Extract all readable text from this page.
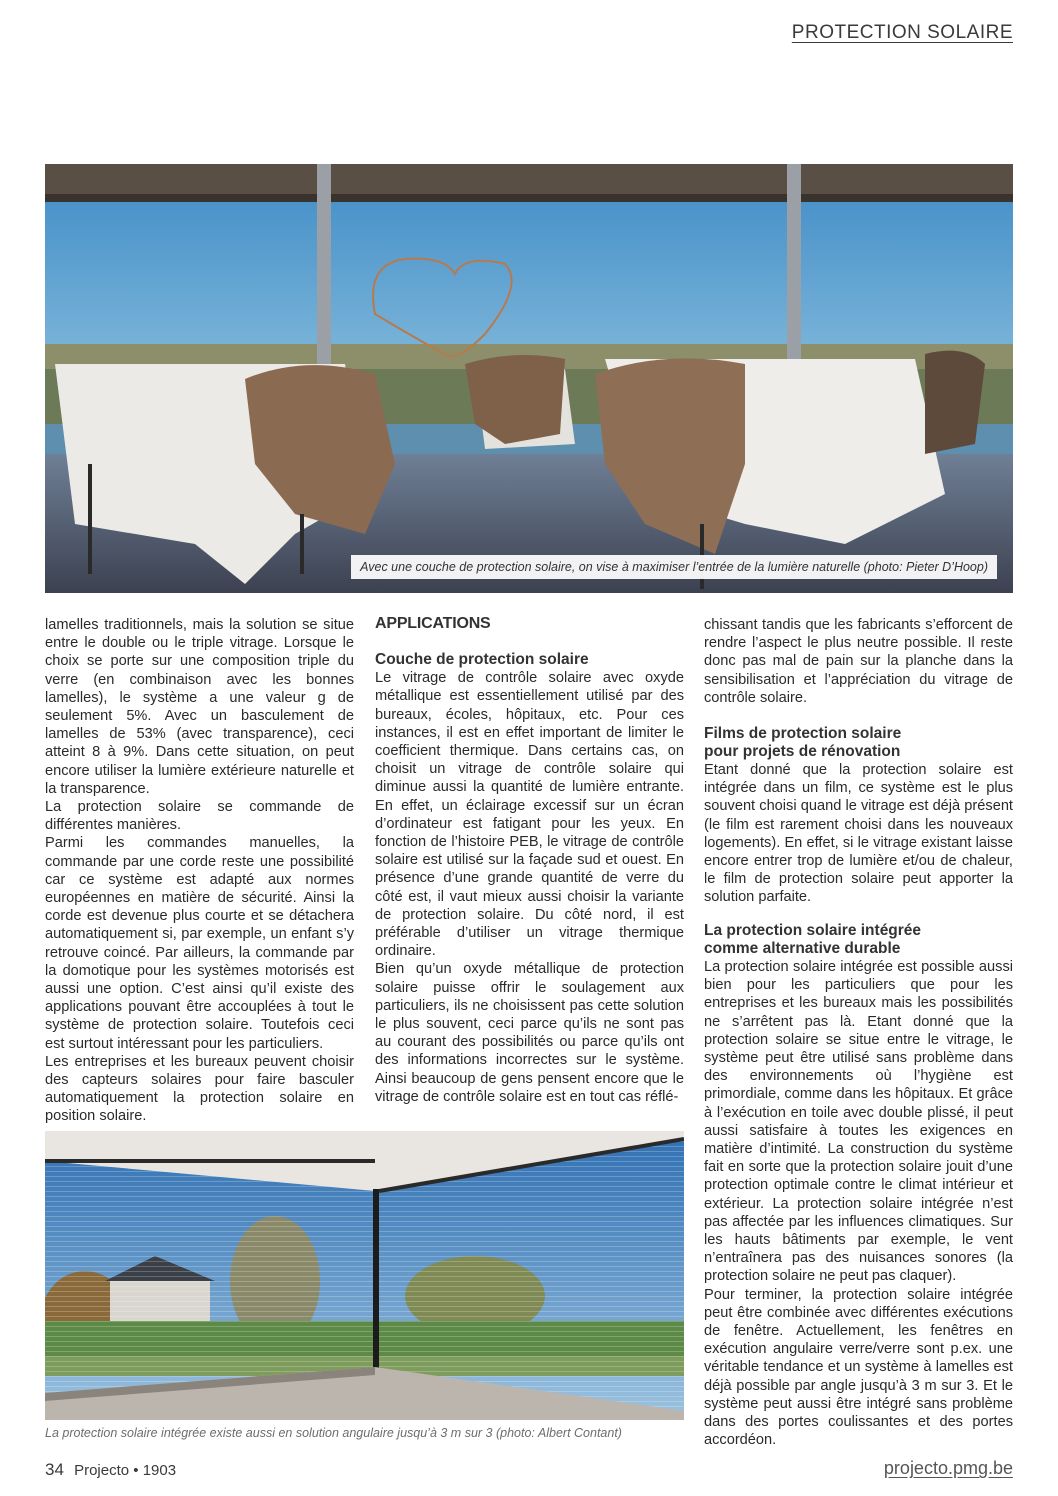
PROTECTION SOLAIRE
Avec une couche de protection solaire, on vise à maximiser l’entrée de la lumière naturelle (photo: Pieter D’Hoop)

lamelles traditionnels, mais la solution se situe entre le double ou le triple vitrage. Lorsque le choix se porte sur une composition triple du verre (en combinaison avec les bonnes lamelles), le système a une valeur g de seulement 5%. Avec un basculement de lamelles de 53% (avec transparence), ceci atteint 8 à 9%. Dans cette situation, on peut encore utiliser la lumière extérieure naturelle et la transparence.

La protection solaire se commande de différentes manières.

Parmi les commandes manuelles, la commande par une corde reste une possibilité car ce système est adapté aux normes européennes en matière de sécurité. Ainsi la corde est devenue plus courte et se détachera automatiquement si, par exemple, un enfant s’y retrouve coincé. Par ailleurs, la commande par la domotique pour les systèmes motorisés est aussi une option. C’est ainsi qu’il existe des applications pouvant être accouplées à tout le système de protection solaire. Toutefois ceci est surtout intéressant pour les particuliers.

Les entreprises et les bureaux peuvent choisir des capteurs solaires pour faire basculer automatiquement la protection solaire en position solaire.

APPLICATIONS
Couche de protection solaire

Le vitrage de contrôle solaire avec oxyde métallique est essentiellement utilisé par des bureaux, écoles, hôpitaux, etc. Pour ces instances, il est en effet important de limiter le coefficient thermique. Dans certains cas, on choisit un vitrage de contrôle solaire qui diminue aussi la quantité de lumière entrante. En effet, un éclairage excessif sur un écran d’ordinateur est fatigant pour les yeux. En fonction de l’histoire PEB, le vitrage de contrôle solaire est utilisé sur la façade sud et ouest. En présence d’une grande quantité de verre du côté est, il vaut mieux aussi choisir la variante de protection solaire. Du côté nord, il est préférable d’utiliser un vitrage thermique ordinaire.

Bien qu’un oxyde métallique de protection solaire puisse offrir le soulagement aux particuliers, ils ne choisissent pas cette solution le plus souvent, ceci parce qu’ils ne sont pas au courant des possibilités ou parce qu’ils ont des informations incorrectes sur le système. Ainsi beaucoup de gens pensent encore que le vitrage de contrôle solaire est en tout cas réflé-

chissant tandis que les fabricants s’efforcent de rendre l’aspect le plus neutre possible. Il reste donc pas mal de pain sur la planche dans la sensibilisation et l’appréciation du vitrage de contrôle solaire.

Films de protection solaire
pour projets de rénovation

Etant donné que la protection solaire est intégrée dans un film, ce système est le plus souvent choisi quand le vitrage est déjà présent (le film est rarement choisi dans les nouveaux logements). En effet, si le vitrage existant laisse encore entrer trop de lumière et/ou de chaleur, le film de protection solaire peut apporter la solution parfaite.

La protection solaire intégrée
comme alternative durable

La protection solaire intégrée est possible aussi bien pour les particuliers que pour les entreprises et les bureaux mais les possibilités ne s’arrêtent pas là. Etant donné que la protection solaire se situe entre le vitrage, le système peut être utilisé sans problème dans des environnements où l’hygiène est primordiale, comme dans les hôpitaux. Et grâce à l’exécution en toile avec double plissé, il peut aussi satisfaire à toutes les exigences en matière d’intimité. La construction du système fait en sorte que la protection solaire jouit d’une protection optimale contre le climat intérieur et extérieur. La protection solaire intégrée n’est pas affectée par les influences climatiques. Sur les hauts bâtiments par exemple, le vent n’entraînera pas des nuisances sonores (la protection solaire ne peut pas claquer).

Pour terminer, la protection solaire intégrée peut être combinée avec différentes exécutions de fenêtre. Actuellement, les fenêtres en exécution angulaire verre/verre sont p.ex. une véritable tendance et un système à lamelles est déjà possible par angle jusqu’à 3 m sur 3. Et le système peut aussi être intégré sans problème dans des portes coulissantes et des portes accordéon.

La protection solaire intégrée existe aussi en solution angulaire jusqu’à 3 m sur 3 (photo: Albert Contant)
34 Projecto • 1903	projecto.pmg.be
